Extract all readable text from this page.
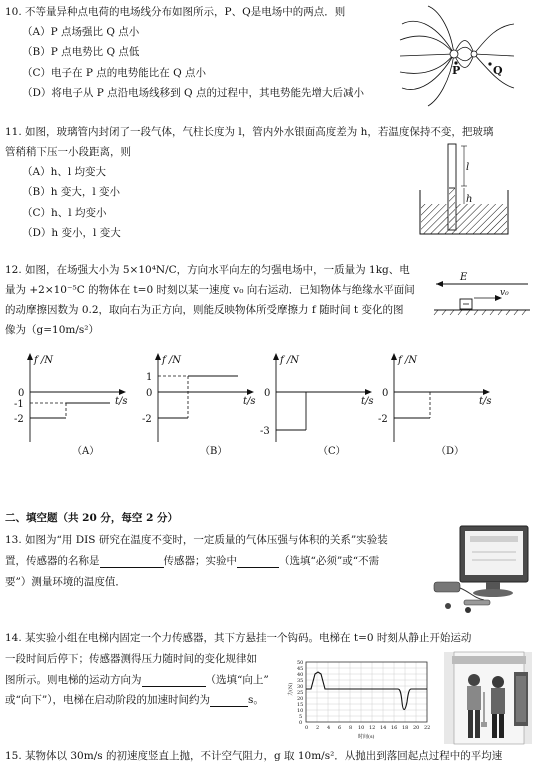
10. 不等量异种点电荷的电场线分布如图所示，P、Q是电场中的两点．则
（A）P 点场强比 Q 点小
（B）P 点电势比 Q 点低
（C）电子在 P 点的电势能比在 Q 点小
（D）将电子从 P 点沿电场线移到 Q 点的过程中，其电势能先增大后减小
P	Q
11. 如图，玻璃管内封闭了一段气体，气柱长度为 l，管内外水银面高度差为 h，若温度保持不变，把玻璃
管稍稍下压一小段距离，则
（A）h、l 均变大
（B）h 变大，l 变小
（C）h、l 均变小
（D）h 变小，l 变大
l
h
12. 如图，在场强大小为 5×10⁴N/C，方向水平向左的匀强电场中，一质量为 1kg、电
量为 +2×10⁻⁵C 的物体在 t=0 时刻以某一速度 v₀ 向右运动．已知物体与绝缘水平面间
的动摩擦因数为 0.2，取向右为正方向，则能反映物体所受摩擦力 f 随时间 t 变化的图
像为（g=10m/s²）
E
v₀
f /N
t/s
0
-1
-2
（A）
f /N
t/s
1
0
-2
（B）
f /N
t/s
0
-3
（C）
f /N
t/s
0
-2
（D）
二、填空题（共 20 分，每空 2 分）
13. 如图为“用 DIS 研究在温度不变时，一定质量的气体压强与体积的关系”实验装
置，传感器的名称是	传感器；实验中	（选填“必须”或“不需
要”）测量环境的温度值．
14. 某实验小组在电梯内固定一个力传感器，其下方悬挂一个钩码。电梯在 t=0 时刻从静止开始运动
一段时间后停下；传感器测得压力随时间的变化规律如
图所示。则电梯的运动方向为	（选填“向上”
或“向下”），电梯在启动阶段的加速时间约为	s。
50
45
40
35
30
25
20
15
10
5
0
0 2 4 6 8 10 12 14 16 18 20 22
时间(s)
力(N)
15. 某物体以 30m/s 的初速度竖直上抛，不计空气阻力，g 取 10m/s²．从抛出到落回起点过程中的平均速
